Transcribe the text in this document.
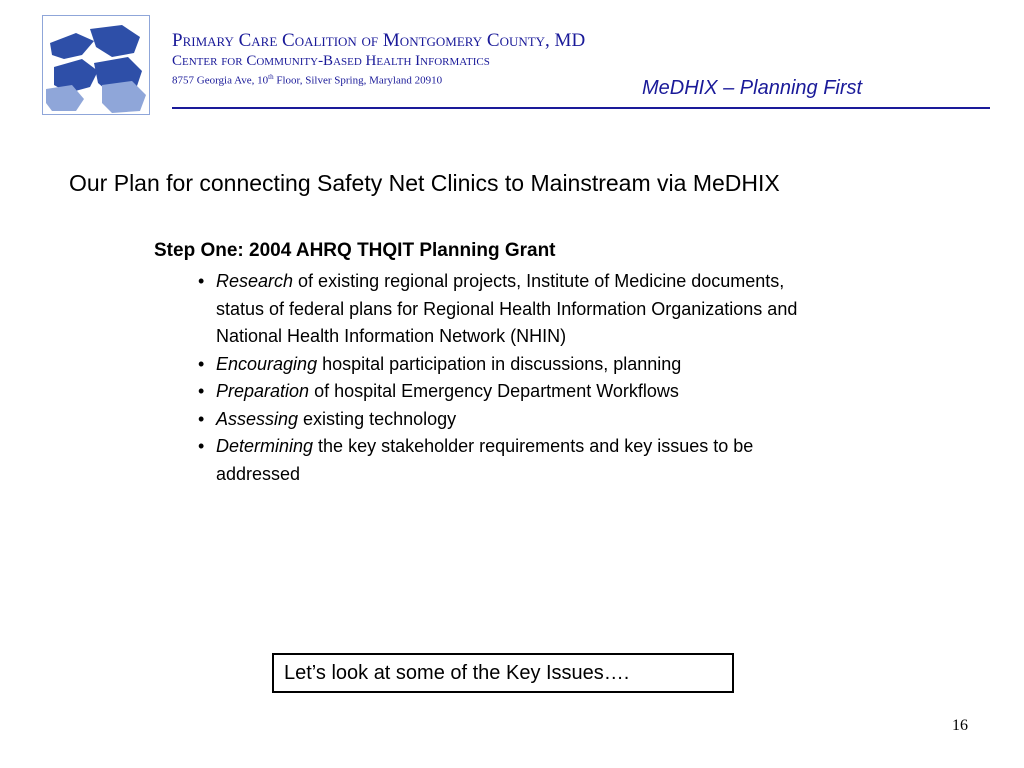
Primary Care Coalition of Montgomery County, MD
Center for Community-Based Health Informatics
8757 Georgia Ave, 10th Floor, Silver Spring, Maryland 20910	MeDHIX – Planning First
Our Plan for connecting Safety Net Clinics to Mainstream via MeDHIX
Step One: 2004 AHRQ THQIT Planning Grant
• Research of existing regional projects, Institute of Medicine documents, status of federal plans for Regional Health Information Organizations and National Health Information Network (NHIN)
• Encouraging hospital participation in discussions, planning
• Preparation of hospital Emergency Department Workflows
• Assessing existing technology
• Determining the key stakeholder requirements and key issues to be addressed
Let’s look at some of the Key Issues….
16
